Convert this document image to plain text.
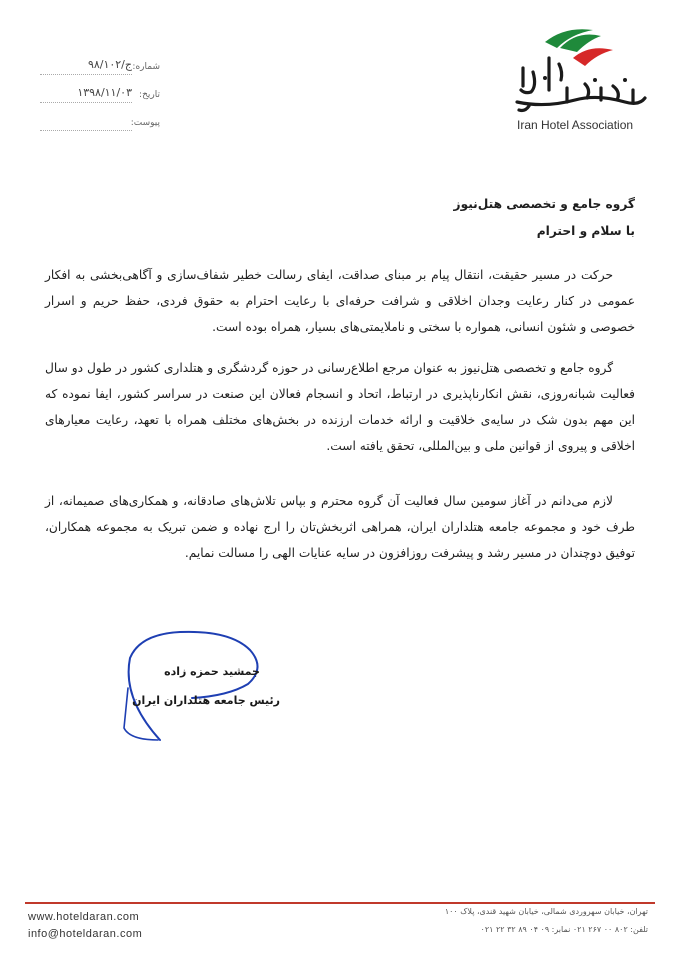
Iran Hotel Association
شماره:
۹۸/۱۰۲/ج
تاریخ:
۱۳۹۸/۱۱/۰۳
پیوست:
گروه جامع و تخصصی هتل‌نیوز
با سلام و احترام

حرکت در مسیر حقیقت، انتقال پیام بر مبنای صداقت، ایفای رسالت خطیر شفاف‌سازی و آگاهی‌بخشی به افکار عمومی در کنار رعایت وجدان اخلاقی و شرافت حرفه‌ای با رعایت احترام به حقوق فردی، حفظ حریم و اسرار خصوصی و شئون انسانی، همواره با سختی و ناملایمتی‌های بسیار، همراه بوده است.

گروه جامع و تخصصی هتل‌نیوز به عنوان مرجع اطلاع‌رسانی در حوزه گردشگری و هتلداری کشور در طول دو سال فعالیت شبانه‌روزی، نقش انکارناپذیری در ارتباط، اتحاد و انسجام فعالان این صنعت در سراسر کشور، ایفا نموده که این مهم بدون شک در سایه‌ی خلاقیت و ارائه خدمات ارزنده در بخش‌های مختلف همراه با تعهد، رعایت معیارهای اخلاقی و پیروی از قوانین ملی و بین‌المللی، تحقق یافته است.

لازم می‌دانم در آغاز سومین سال فعالیت آن گروه محترم و بپاس تلاش‌های صادقانه، و همکاری‌های صمیمانه، از طرف خود و مجموعه جامعه هتلداران ایران، همراهی اثربخش‌تان را ارج نهاده و ضمن تبریک به مجموعه همکاران، توفیق دوچندان در مسیر رشد و پیشرفت روزافزون در سایه عنایات الهی را مسالت نمایم.

جمشید حمزه زاده
رئیس جامعه هتلداران ایران
www.hoteldaran.com
info@hoteldaran.com
تهران، خیابان سهروردی شمالی، خیابان شهید قندی، پلاک ۱۰۰
تلفن: ۸۰۲ ۰۰ ۲۶۷ ۰۲۱ نمابر: ۰۹ ۰۴ ۸۹ ۳۲ ۲۲ ۰۲۱
